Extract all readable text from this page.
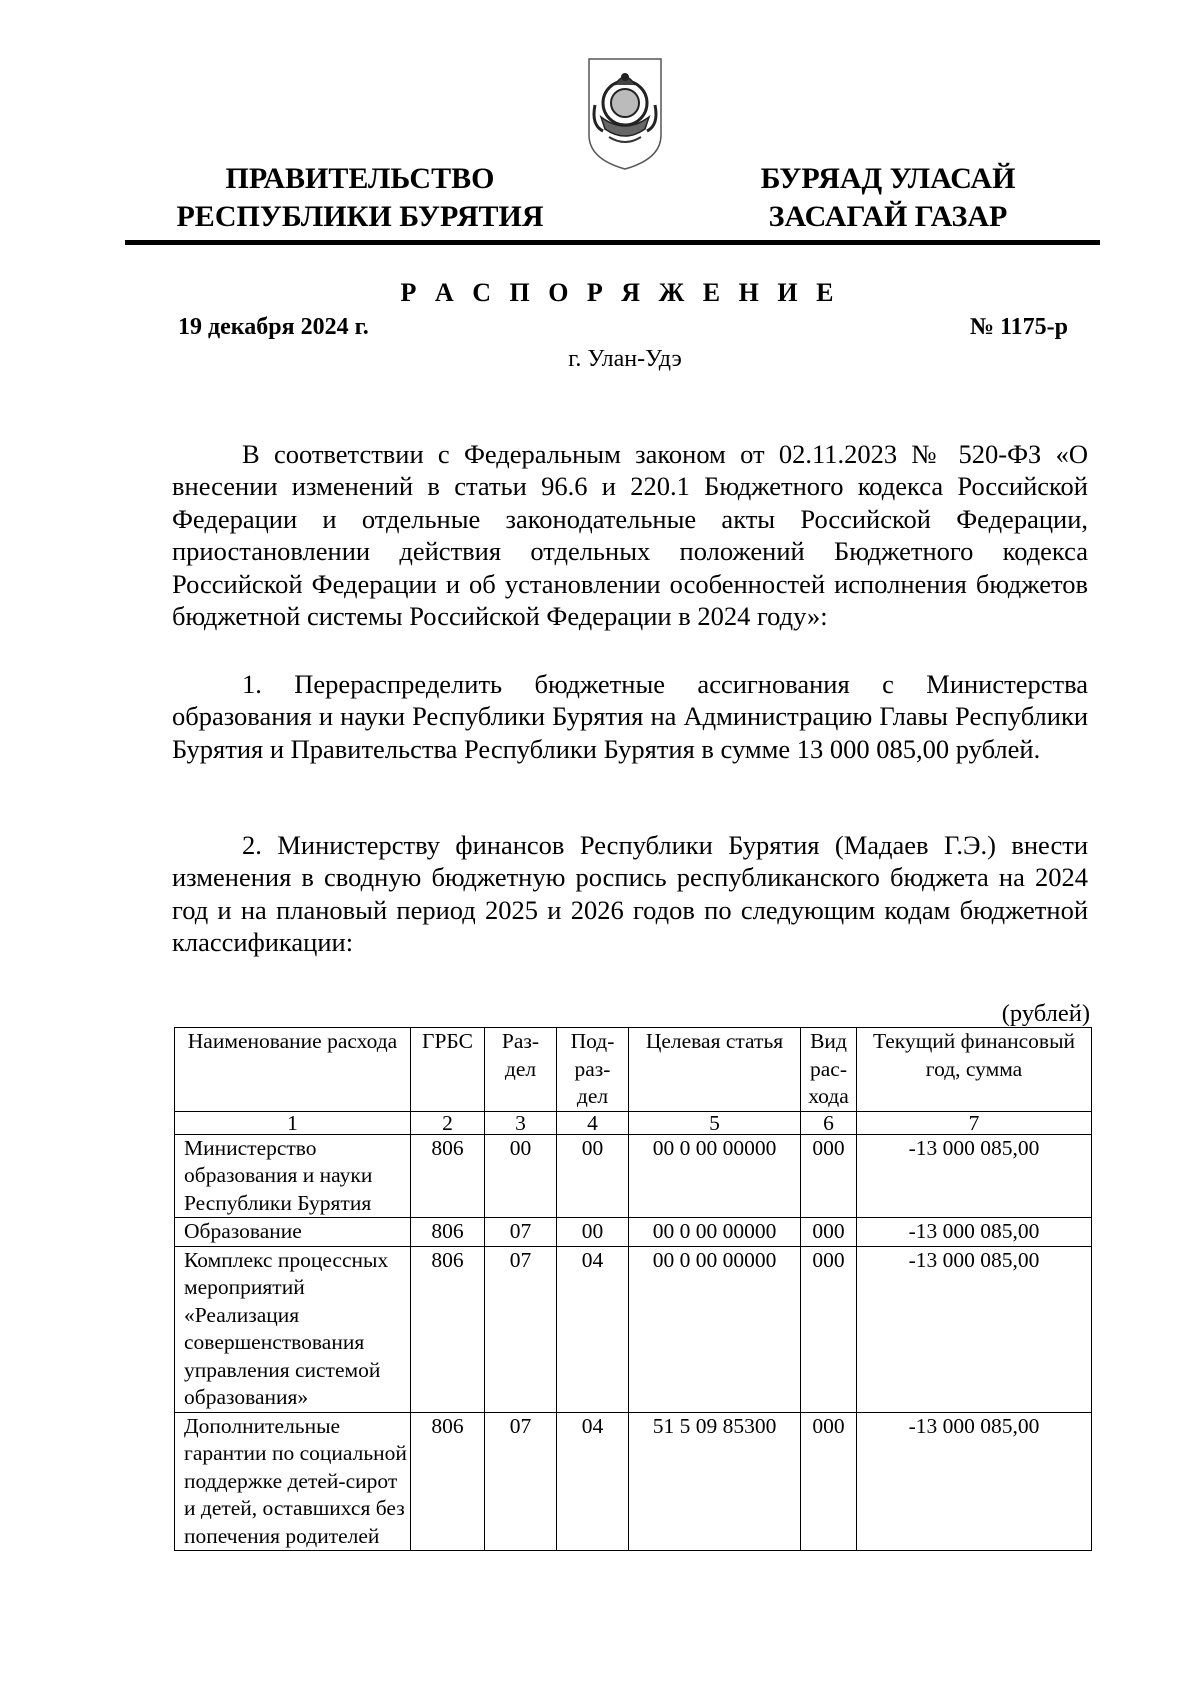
ПРАВИТЕЛЬСТВО
РЕСПУБЛИКИ БУРЯТИЯ
БУРЯАД УЛАСАЙ
ЗАСАГАЙ ГАЗАР
Р А С П О Р Я Ж Е Н И Е
19 декабря 2024 г.	№ 1175-р
г. Улан-Удэ

В соответствии с Федеральным законом от 02.11.2023 № 520-ФЗ «О внесении изменений в статьи 96.6 и 220.1 Бюджетного кодекса Российской Федерации и отдельные законодательные акты Российской Федерации, приостановлении действия отдельных положений Бюджетного кодекса Российской Федерации и об установлении особенностей исполнения бюджетов бюджетной системы Российской Федерации в 2024 году»:

1. Перераспределить бюджетные ассигнования с Министерства образования и науки Республики Бурятия на Администрацию Главы Республики Бурятия и Правительства Республики Бурятия в сумме 13 000 085,00 рублей.

2. Министерству финансов Республики Бурятия (Мадаев Г.Э.) внести изменения в сводную бюджетную роспись республиканского бюджета на 2024 год и на плановый период 2025 и 2026 годов по следующим кодам бюджетной классификации:

(рублей)
Наименование расхода	ГРБС	Раз-дел	Под-раз-дел	Целевая статья	Вид рас-хода	Текущий финансовый год, сумма
1	2	3	4	5	6	7
Министерство образования и науки Республики Бурятия	806	00	00	00 0 00 00000	000	-13 000 085,00
Образование	806	07	00	00 0 00 00000	000	-13 000 085,00
Комплекс процессных мероприятий «Реализация совершенствования управления системой образования»	806	07	04	00 0 00 00000	000	-13 000 085,00
Дополнительные гарантии по социальной поддержке детей-сирот и детей, оставшихся без попечения родителей	806	07	04	51 5 09 85300	000	-13 000 085,00
